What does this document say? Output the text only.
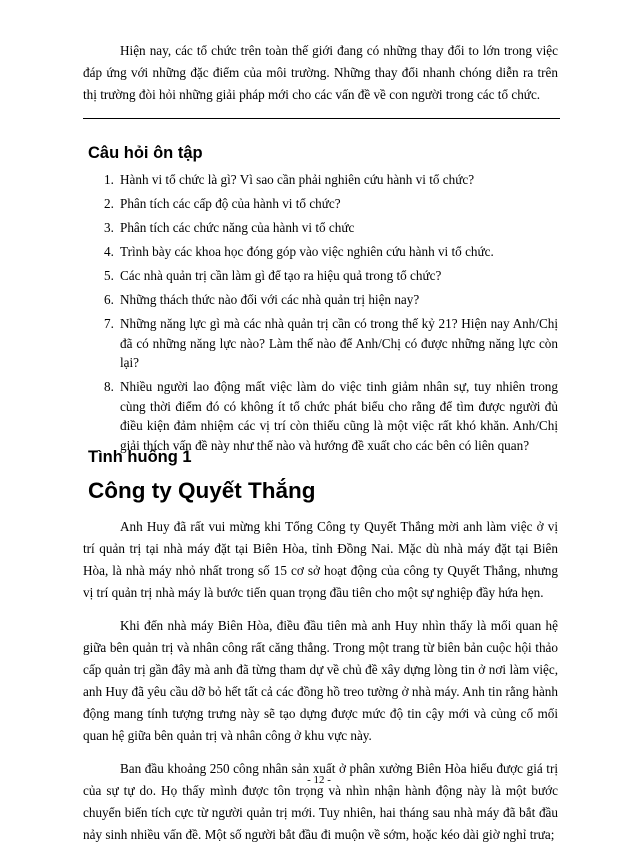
Hiện nay, các tổ chức trên toàn thế giới đang có những thay đổi to lớn trong việc đáp ứng với những đặc điểm của môi trường. Những thay đổi nhanh chóng diễn ra trên thị trường đòi hỏi những giải pháp mới cho các vấn đề về con người trong các tổ chức.

Câu hỏi ôn tập
1. Hành vi tổ chức là gì? Vì sao cần phải nghiên cứu hành vi tổ chức?
2. Phân tích các cấp độ của hành vi tổ chức?
3. Phân tích các chức năng của hành vi tổ chức
4. Trình bày các khoa học đóng góp vào việc nghiên cứu hành vi tổ chức.
5. Các nhà quản trị cần làm gì để tạo ra hiệu quả trong tổ chức?
6. Những thách thức nào đối với các nhà quản trị hiện nay?
7. Những năng lực gì mà các nhà quản trị cần có trong thế kỷ 21? Hiện nay Anh/Chị đã có những năng lực nào? Làm thế nào để Anh/Chị có được những năng lực còn lại?
8. Nhiều người lao động mất việc làm do việc tinh giảm nhân sự, tuy nhiên trong cùng thời điểm đó có không ít tổ chức phát biểu cho rằng để tìm được người đủ điều kiện đảm nhiệm các vị trí còn thiếu cũng là một việc rất khó khăn. Anh/Chị giải thích vấn đề này như thế nào và hướng đề xuất cho các bên có liên quan?
Tình huống 1
Công ty Quyết Thắng

Anh Huy đã rất vui mừng khi Tổng Công ty Quyết Thắng mời anh làm việc ở vị trí quản trị tại nhà máy đặt tại Biên Hòa, tỉnh Đồng Nai. Mặc dù nhà máy đặt tại Biên Hòa, là nhà máy nhỏ nhất trong số 15 cơ sở hoạt động của công ty Quyết Thắng, nhưng vị trí quản trị nhà máy là bước tiến quan trọng đầu tiên cho một sự nghiệp đầy hứa hẹn.

Khi đến nhà máy Biên Hòa, điều đầu tiên mà anh Huy nhìn thấy là mối quan hệ giữa bên quản trị và nhân công rất căng thẳng. Trong một trang từ biên bản cuộc hội thảo cấp quản trị gần đây mà anh đã từng tham dự về chủ đề xây dựng lòng tin ở nơi làm việc, anh Huy đã yêu cầu dỡ bỏ hết tất cả các đồng hồ treo tường ở nhà máy. Anh tin rằng hành động mang tính tượng trưng này sẽ tạo dựng được mức độ tin cậy mới và củng cố mối quan hệ giữa bên quản trị và nhân công ở khu vực này.

Ban đầu khoảng 250 công nhân sản xuất ở phân xưởng Biên Hòa hiểu được giá trị của sự tự do. Họ thấy mình được tôn trọng và nhìn nhận hành động này là một bước chuyển biến tích cực từ người quản trị mới. Tuy nhiên, hai tháng sau nhà máy đã bắt đầu nảy sinh nhiều vấn đề. Một số người bắt đầu đi muộn về sớm, hoặc kéo dài giờ nghỉ trưa;

- 12 -
